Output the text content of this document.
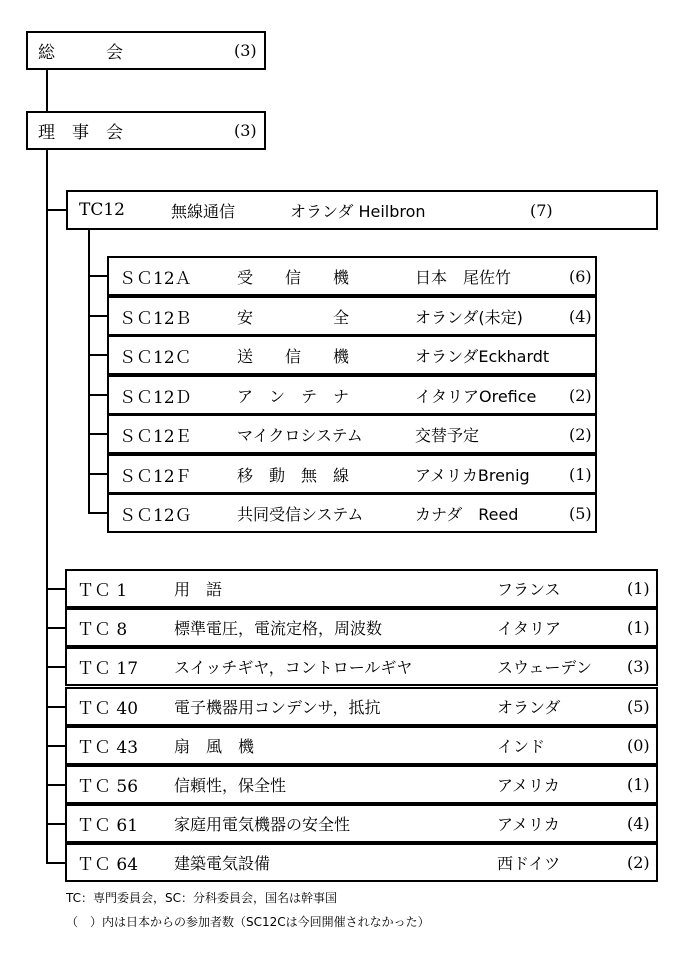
総　　　会	(3)
理　事　会	(3)
TC12	無線通信	オランダ Heilbron	(7)
ＳＣ12Ａ	受　　信　　機	日本　尾佐竹	(6)
ＳＣ12Ｂ	安　　　　　全	オランダ(未定)	(4)
ＳＣ12Ｃ	送　　信　　機	オランダEckhardt
ＳＣ12Ｄ	ア　ン　テ　ナ	イタリアOrefice (2)
ＳＣ12Ｅ	マイクロシステム	交替予定	(2)
ＳＣ12Ｆ	移　動　無　線	アメリカBrenig (1)
ＳＣ12Ｇ	共同受信システム	カナダ　Reed	(5)
ＴＣ 1	用　語	フランス	(1)
ＴＣ 8	標準電圧，電流定格，周波数	イタリア	(1)
ＴＣ 17 スイッチギヤ，コントロールギヤ	スウェーデン (3)
ＴＣ 40 電子機器用コンデンサ，抵抗	オランダ	(5)
ＴＣ 43 扇　風　機	インド	(0)
ＴＣ 56 信頼性，保全性	アメリカ	(1)
ＴＣ 61 家庭用電気機器の安全性	アメリカ	(4)
ＴＣ 64 建築電気設備	西ドイツ	(2)
TC：専門委員会，SC：分科委員会，国名は幹事国
（　）内は日本からの参加者数（SC12Cは今回開催されなかった）
